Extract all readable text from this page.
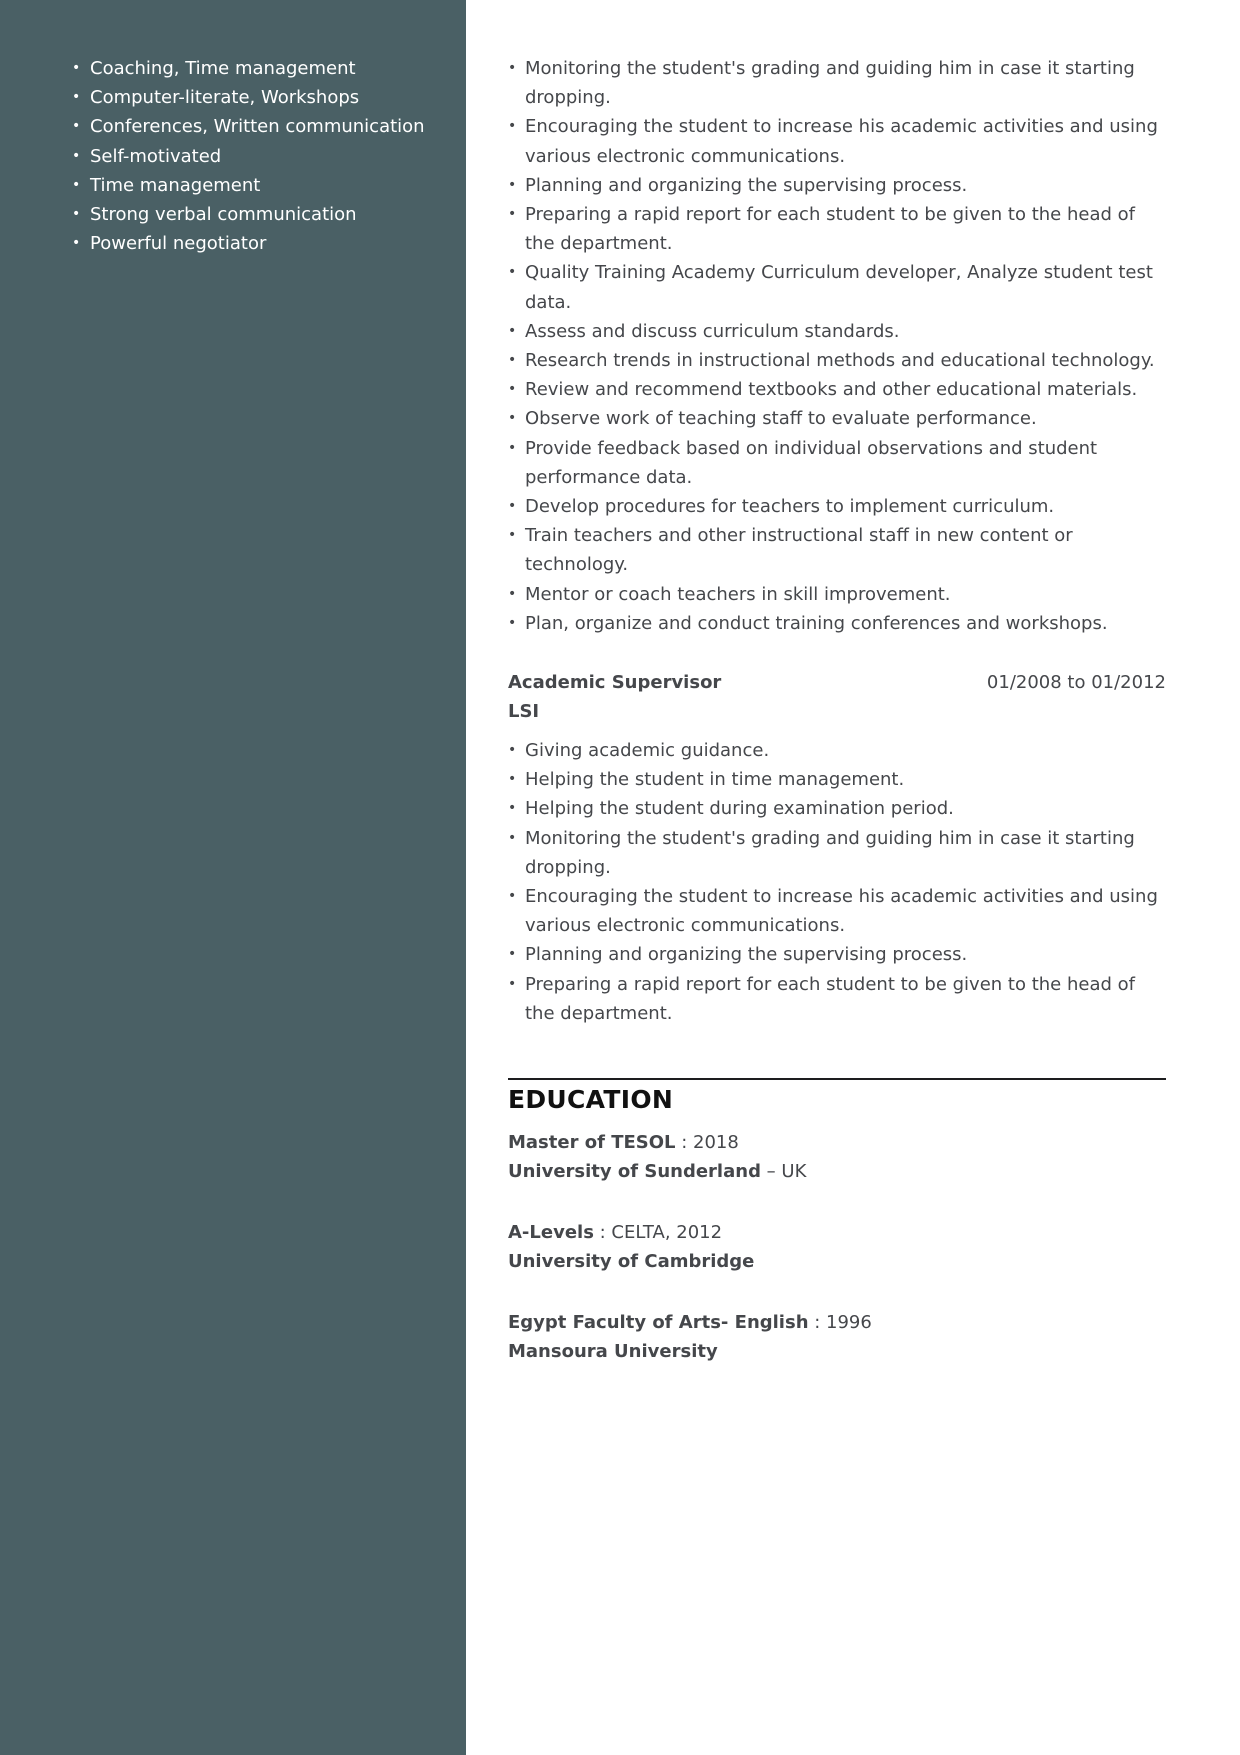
• Coaching, Time management
• Computer-literate, Workshops
• Conferences, Written communication
• Self-motivated
• Time management
• Strong verbal communication
• Powerful negotiator
• Monitoring the student's grading and guiding him in case it starting dropping.
• Encouraging the student to increase his academic activities and using various electronic communications.
• Planning and organizing the supervising process.
• Preparing a rapid report for each student to be given to the head of the department.
• Quality Training Academy Curriculum developer, Analyze student test data.
• Assess and discuss curriculum standards.
• Research trends in instructional methods and educational technology.
• Review and recommend textbooks and other educational materials.
• Observe work of teaching staff to evaluate performance.
• Provide feedback based on individual observations and student performance data.
• Develop procedures for teachers to implement curriculum.
• Train teachers and other instructional staff in new content or technology.
• Mentor or coach teachers in skill improvement.
• Plan, organize and conduct training conferences and workshops.
Academic Supervisor	01/2008 to 01/2012
LSI
• Giving academic guidance.
• Helping the student in time management.
• Helping the student during examination period.
• Monitoring the student's grading and guiding him in case it starting dropping.
• Encouraging the student to increase his academic activities and using various electronic communications.
• Planning and organizing the supervising process.
• Preparing a rapid report for each student to be given to the head of the department.
EDUCATION
Master of TESOL : 2018
University of Sunderland – UK
A-Levels : CELTA, 2012
University of Cambridge
Egypt Faculty of Arts- English : 1996
Mansoura University
